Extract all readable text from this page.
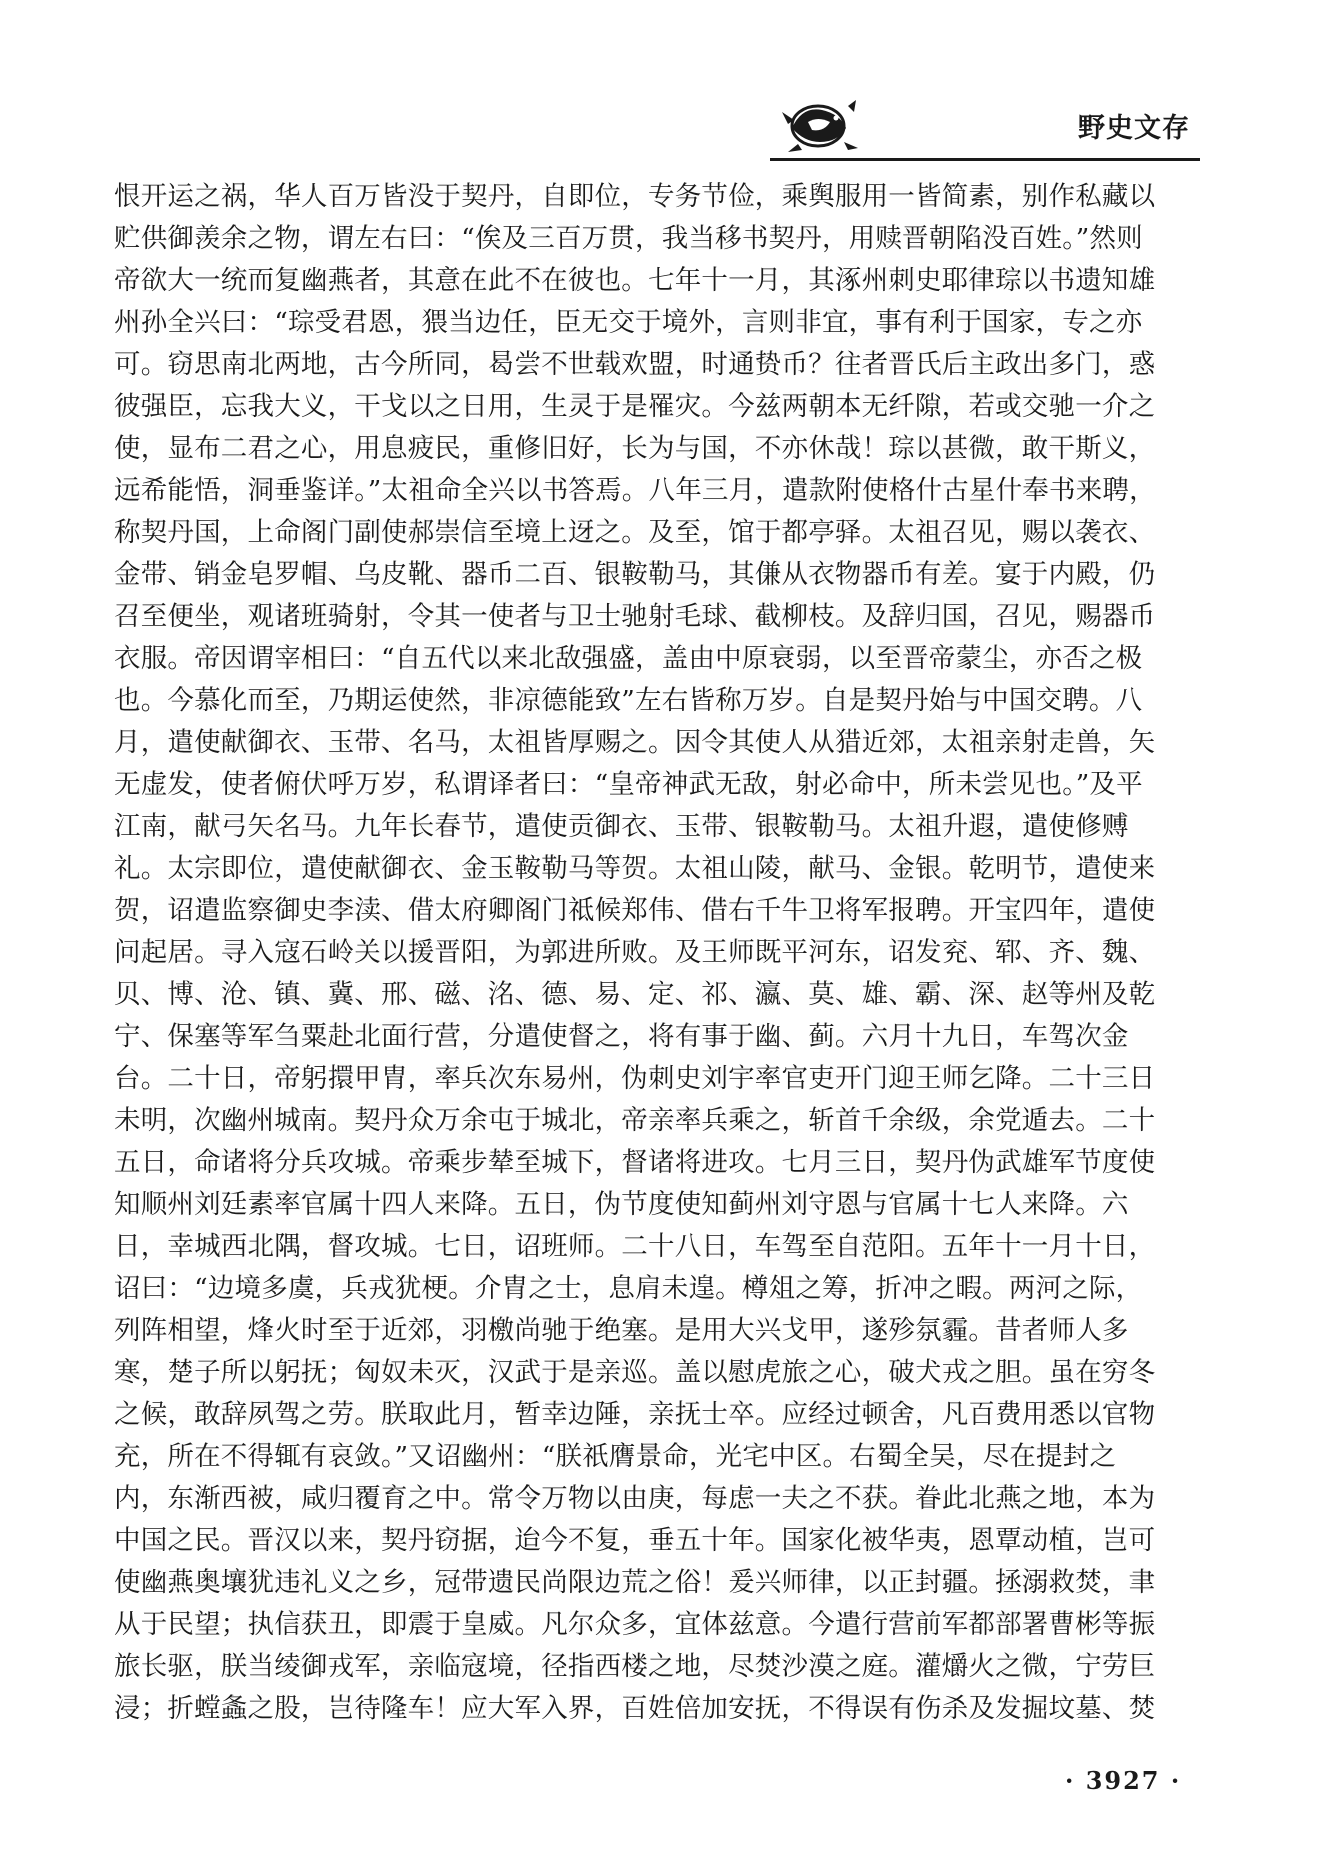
野史文存
恨开运之祸，华人百万皆没于契丹，自即位，专务节俭，乘舆服用一皆简素，别作私藏以
贮供御羡余之物，谓左右曰：“俟及三百万贯，我当移书契丹，用赎晋朝陷没百姓。”然则
帝欲大一统而复幽燕者，其意在此不在彼也。七年十一月，其涿州刺史耶律琮以书遗知雄
州孙全兴曰：“琮受君恩，猥当边任，臣无交于境外，言则非宜，事有利于国家，专之亦
可。窃思南北两地，古今所同，曷尝不世载欢盟，时通贽币？往者晋氏后主政出多门，惑
彼强臣，忘我大义，干戈以之日用，生灵于是罹灾。今兹两朝本无纤隙，若或交驰一介之
使，显布二君之心，用息疲民，重修旧好，长为与国，不亦休哉！琮以甚微，敢干斯义，
远希能悟，洞垂鉴详。”太祖命全兴以书答焉。八年三月，遣款附使格什古星什奉书来聘，
称契丹国，上命阁门副使郝崇信至境上迓之。及至，馆于都亭驿。太祖召见，赐以袭衣、
金带、销金皂罗帽、乌皮靴、器币二百、银鞍勒马，其傔从衣物器币有差。宴于内殿，仍
召至便坐，观诸班骑射，令其一使者与卫士驰射毛球、截柳枝。及辞归国，召见，赐器币
衣服。帝因谓宰相曰：“自五代以来北敌强盛，盖由中原衰弱，以至晋帝蒙尘，亦否之极
也。今慕化而至，乃期运使然，非凉德能致”左右皆称万岁。自是契丹始与中国交聘。八
月，遣使献御衣、玉带、名马，太祖皆厚赐之。因令其使人从猎近郊，太祖亲射走兽，矢
无虚发，使者俯伏呼万岁，私谓译者曰：“皇帝神武无敌，射必命中，所未尝见也。”及平
江南，献弓矢名马。九年长春节，遣使贡御衣、玉带、银鞍勒马。太祖升遐，遣使修赙
礼。太宗即位，遣使献御衣、金玉鞍勒马等贺。太祖山陵，献马、金银。乾明节，遣使来
贺，诏遣监察御史李渎、借太府卿阁门祗候郑伟、借右千牛卫将军报聘。开宝四年，遣使
问起居。寻入寇石岭关以援晋阳，为郭进所败。及王师既平河东，诏发兖、郓、齐、魏、
贝、博、沧、镇、冀、邢、磁、洺、德、易、定、祁、瀛、莫、雄、霸、深、赵等州及乾
宁、保塞等军刍粟赴北面行营，分遣使督之，将有事于幽、蓟。六月十九日，车驾次金
台。二十日，帝躬擐甲胄，率兵次东易州，伪刺史刘宇率官吏开门迎王师乞降。二十三日
未明，次幽州城南。契丹众万余屯于城北，帝亲率兵乘之，斩首千余级，余党遁去。二十
五日，命诸将分兵攻城。帝乘步辇至城下，督诸将进攻。七月三日，契丹伪武雄军节度使
知顺州刘廷素率官属十四人来降。五日，伪节度使知蓟州刘守恩与官属十七人来降。六
日，幸城西北隅，督攻城。七日，诏班师。二十八日，车驾至自范阳。五年十一月十日，
诏曰：“边境多虞，兵戎犹梗。介胄之士，息肩未遑。樽俎之筹，折冲之暇。两河之际，
列阵相望，烽火时至于近郊，羽檄尚驰于绝塞。是用大兴戈甲，遂殄氛霾。昔者师人多
寒，楚子所以躬抚；匈奴未灭，汉武于是亲巡。盖以慰虎旅之心，破犬戎之胆。虽在穷冬
之候，敢辞夙驾之劳。朕取此月，暂幸边陲，亲抚士卒。应经过顿舍，凡百费用悉以官物
充，所在不得辄有哀敛。”又诏幽州：“朕祇膺景命，光宅中区。右蜀全吴，尽在提封之
内，东渐西被，咸归覆育之中。常令万物以由庚，每虑一夫之不获。眷此北燕之地，本为
中国之民。晋汉以来，契丹窃据，迨今不复，垂五十年。国家化被华夷，恩覃动植，岂可
使幽燕奥壤犹违礼义之乡，冠带遗民尚限边荒之俗！爰兴师律，以正封疆。拯溺救焚，聿
从于民望；执信获丑，即震于皇威。凡尔众多，宜体兹意。今遣行营前军都部署曹彬等振
旅长驱，朕当绫御戎军，亲临寇境，径指西楼之地，尽焚沙漠之庭。灌爝火之微，宁劳巨
浸；折螳螽之股，岂待隆车！应大军入界，百姓倍加安抚，不得误有伤杀及发掘坟墓、焚
· 3927 ·
